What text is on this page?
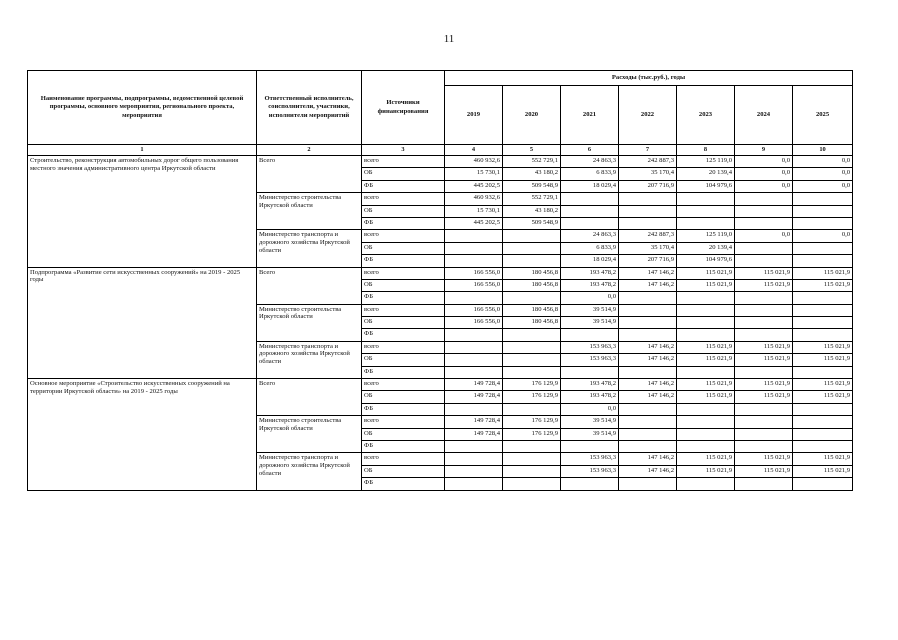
11
Наименование программы, подпрограммы, ведомственной целевой программы, основного мероприятия, регионального проекта, мероприятия	Ответственный исполнитель, соисполнители, участники, исполнители мероприятий	Источники финансирования	Расходы (тыс.руб.), годы						
			2019	2020	2021	2022	2023	2024	2025
1	2	3	4	5	6	7	8	9	10
Строительство, реконструкция автомобильных дорог общего пользования местного значения административного центра Иркутской области	Всего	всего	460 932,6	552 729,1	24 863,3	242 887,3	125 119,0	0,0	0,0
		ОБ	15 730,1	43 180,2	6 833,9	35 170,4	20 139,4	0,0	0,0
		ФБ	445 202,5	509 548,9	18 029,4	207 716,9	104 979,6	0,0	0,0
	Министерство строительства Иркутской области	всего	460 932,6	552 729,1					
		ОБ	15 730,1	43 180,2					
		ФБ	445 202,5	509 548,9					
	Министерство транспорта и дорожного хозяйства Иркутской области	всего			24 863,3	242 887,3	125 119,0	0,0	0,0
		ОБ			6 833,9	35 170,4	20 139,4		
		ФБ			18 029,4	207 716,9	104 979,6		
Подпрограмма «Развитие сети искусственных сооружений» на 2019 - 2025 годы	Всего	всего	166 556,0	180 456,8	193 478,2	147 146,2	115 021,9	115 021,9	115 021,9
		ОБ	166 556,0	180 456,8	193 478,2	147 146,2	115 021,9	115 021,9	115 021,9
		ФБ			0,0				
	Министерство строительства Иркутской области	всего	166 556,0	180 456,8	39 514,9				
		ОБ	166 556,0	180 456,8	39 514,9				
		ФБ							
	Министерство транспорта и дорожного хозяйства Иркутской области	всего			153 963,3	147 146,2	115 021,9	115 021,9	115 021,9
		ОБ			153 963,3	147 146,2	115 021,9	115 021,9	115 021,9
		ФБ							
Основное мероприятие «Строительство искусственных сооружений на территории Иркутской области» на 2019 - 2025 годы	Всего	всего	149 728,4	176 129,9	193 478,2	147 146,2	115 021,9	115 021,9	115 021,9
		ОБ	149 728,4	176 129,9	193 478,2	147 146,2	115 021,9	115 021,9	115 021,9
		ФБ			0,0				
	Министерство строительства Иркутской области	всего	149 728,4	176 129,9	39 514,9				
		ОБ	149 728,4	176 129,9	39 514,9				
		ФБ							
	Министерство транспорта и дорожного хозяйства Иркутской области	всего			153 963,3	147 146,2	115 021,9	115 021,9	115 021,9
		ОБ			153 963,3	147 146,2	115 021,9	115 021,9	115 021,9
		ФБ							
